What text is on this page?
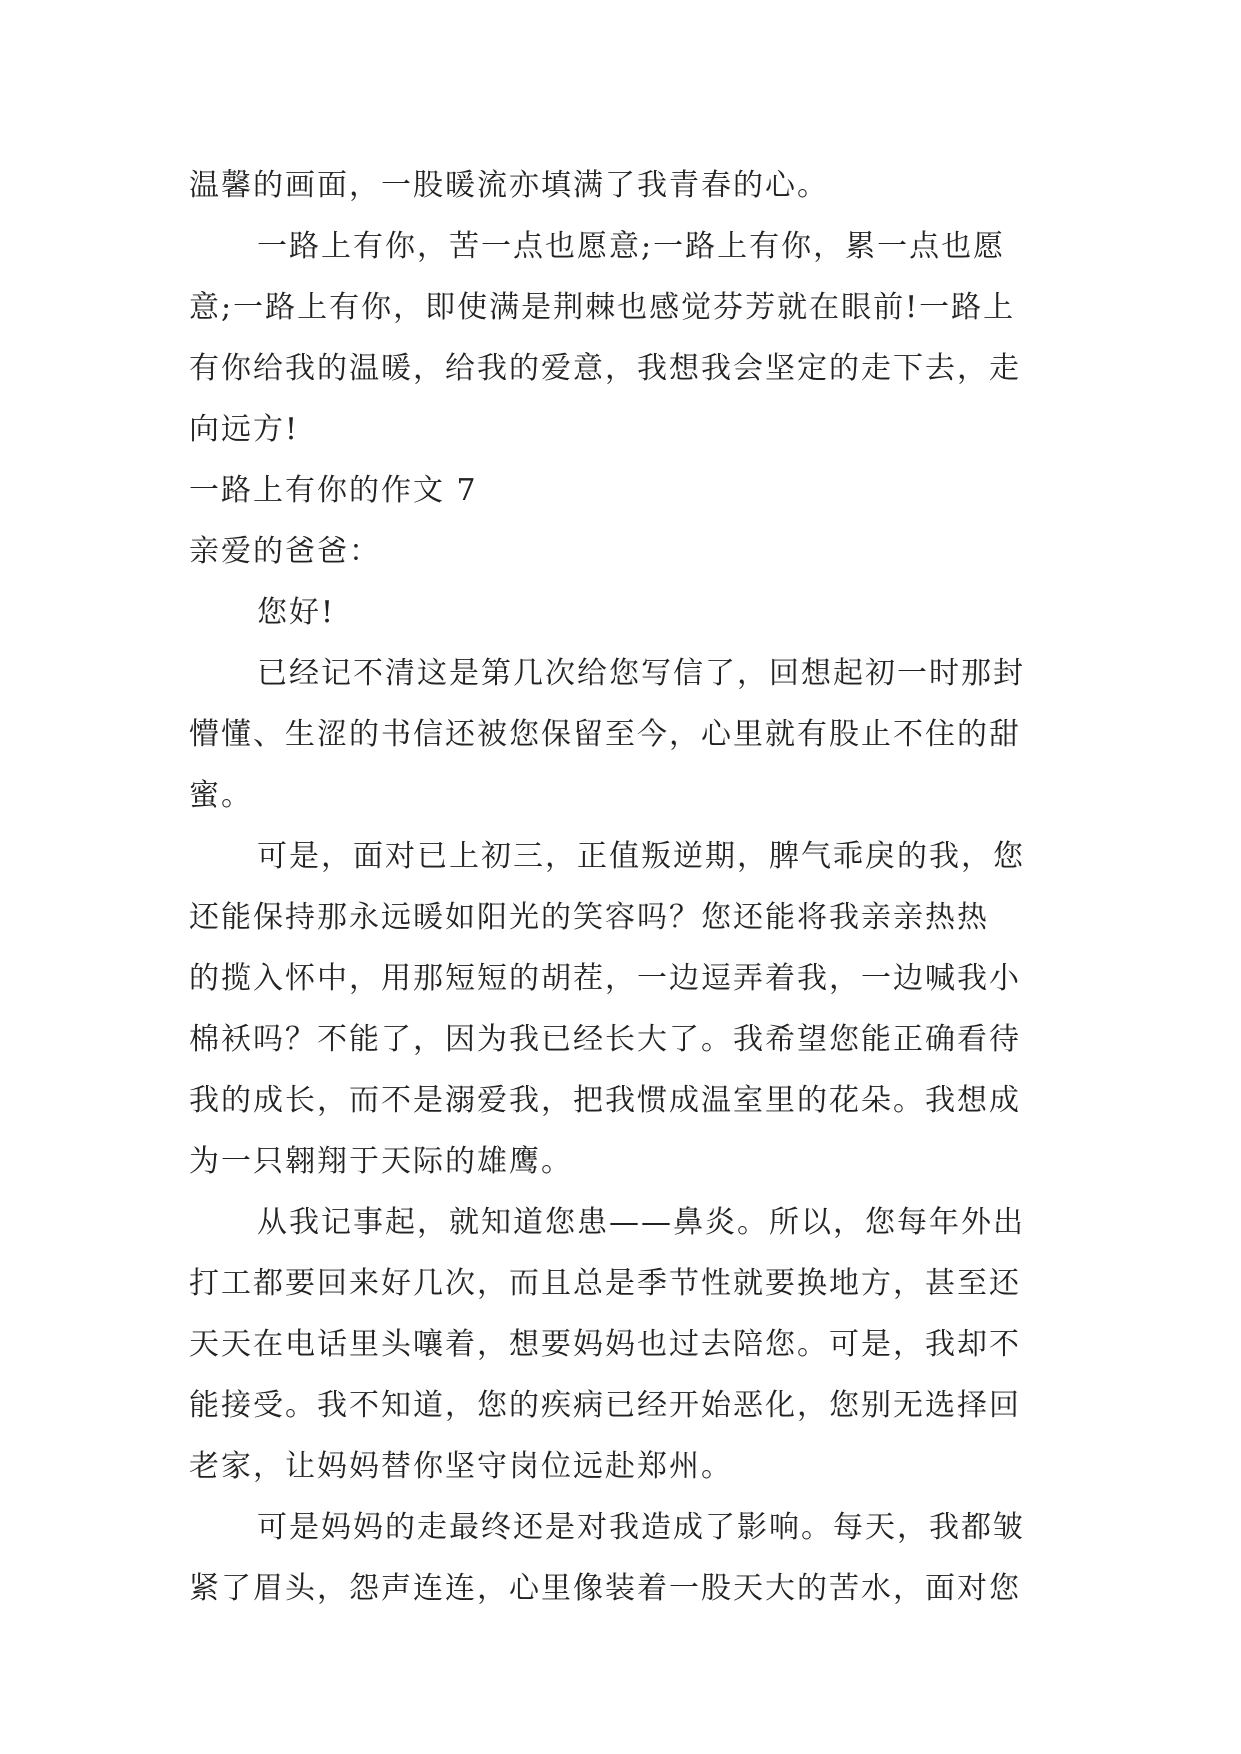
温馨的画面，一股暖流亦填满了我青春的心。
一路上有你，苦一点也愿意;一路上有你，累一点也愿
意;一路上有你，即使满是荆棘也感觉芬芳就在眼前!一路上
有你给我的温暖，给我的爱意，我想我会坚定的走下去，走
向远方!
一路上有你的作文 7
亲爱的爸爸：
您好!
已经记不清这是第几次给您写信了，回想起初一时那封
懵懂、生涩的书信还被您保留至今，心里就有股止不住的甜
蜜。
可是，面对已上初三，正值叛逆期，脾气乖戾的我，您
还能保持那永远暖如阳光的笑容吗？您还能将我亲亲热热
的揽入怀中，用那短短的胡茬，一边逗弄着我，一边喊我小
棉袄吗？不能了，因为我已经长大了。我希望您能正确看待
我的成长，而不是溺爱我，把我惯成温室里的花朵。我想成
为一只翱翔于天际的雄鹰。
从我记事起，就知道您患——鼻炎。所以，您每年外出
打工都要回来好几次，而且总是季节性就要换地方，甚至还
天天在电话里头嚷着，想要妈妈也过去陪您。可是，我却不
能接受。我不知道，您的疾病已经开始恶化，您别无选择回
老家，让妈妈替你坚守岗位远赴郑州。
可是妈妈的走最终还是对我造成了影响。每天，我都皱
紧了眉头，怨声连连，心里像装着一股天大的苦水，面对您
